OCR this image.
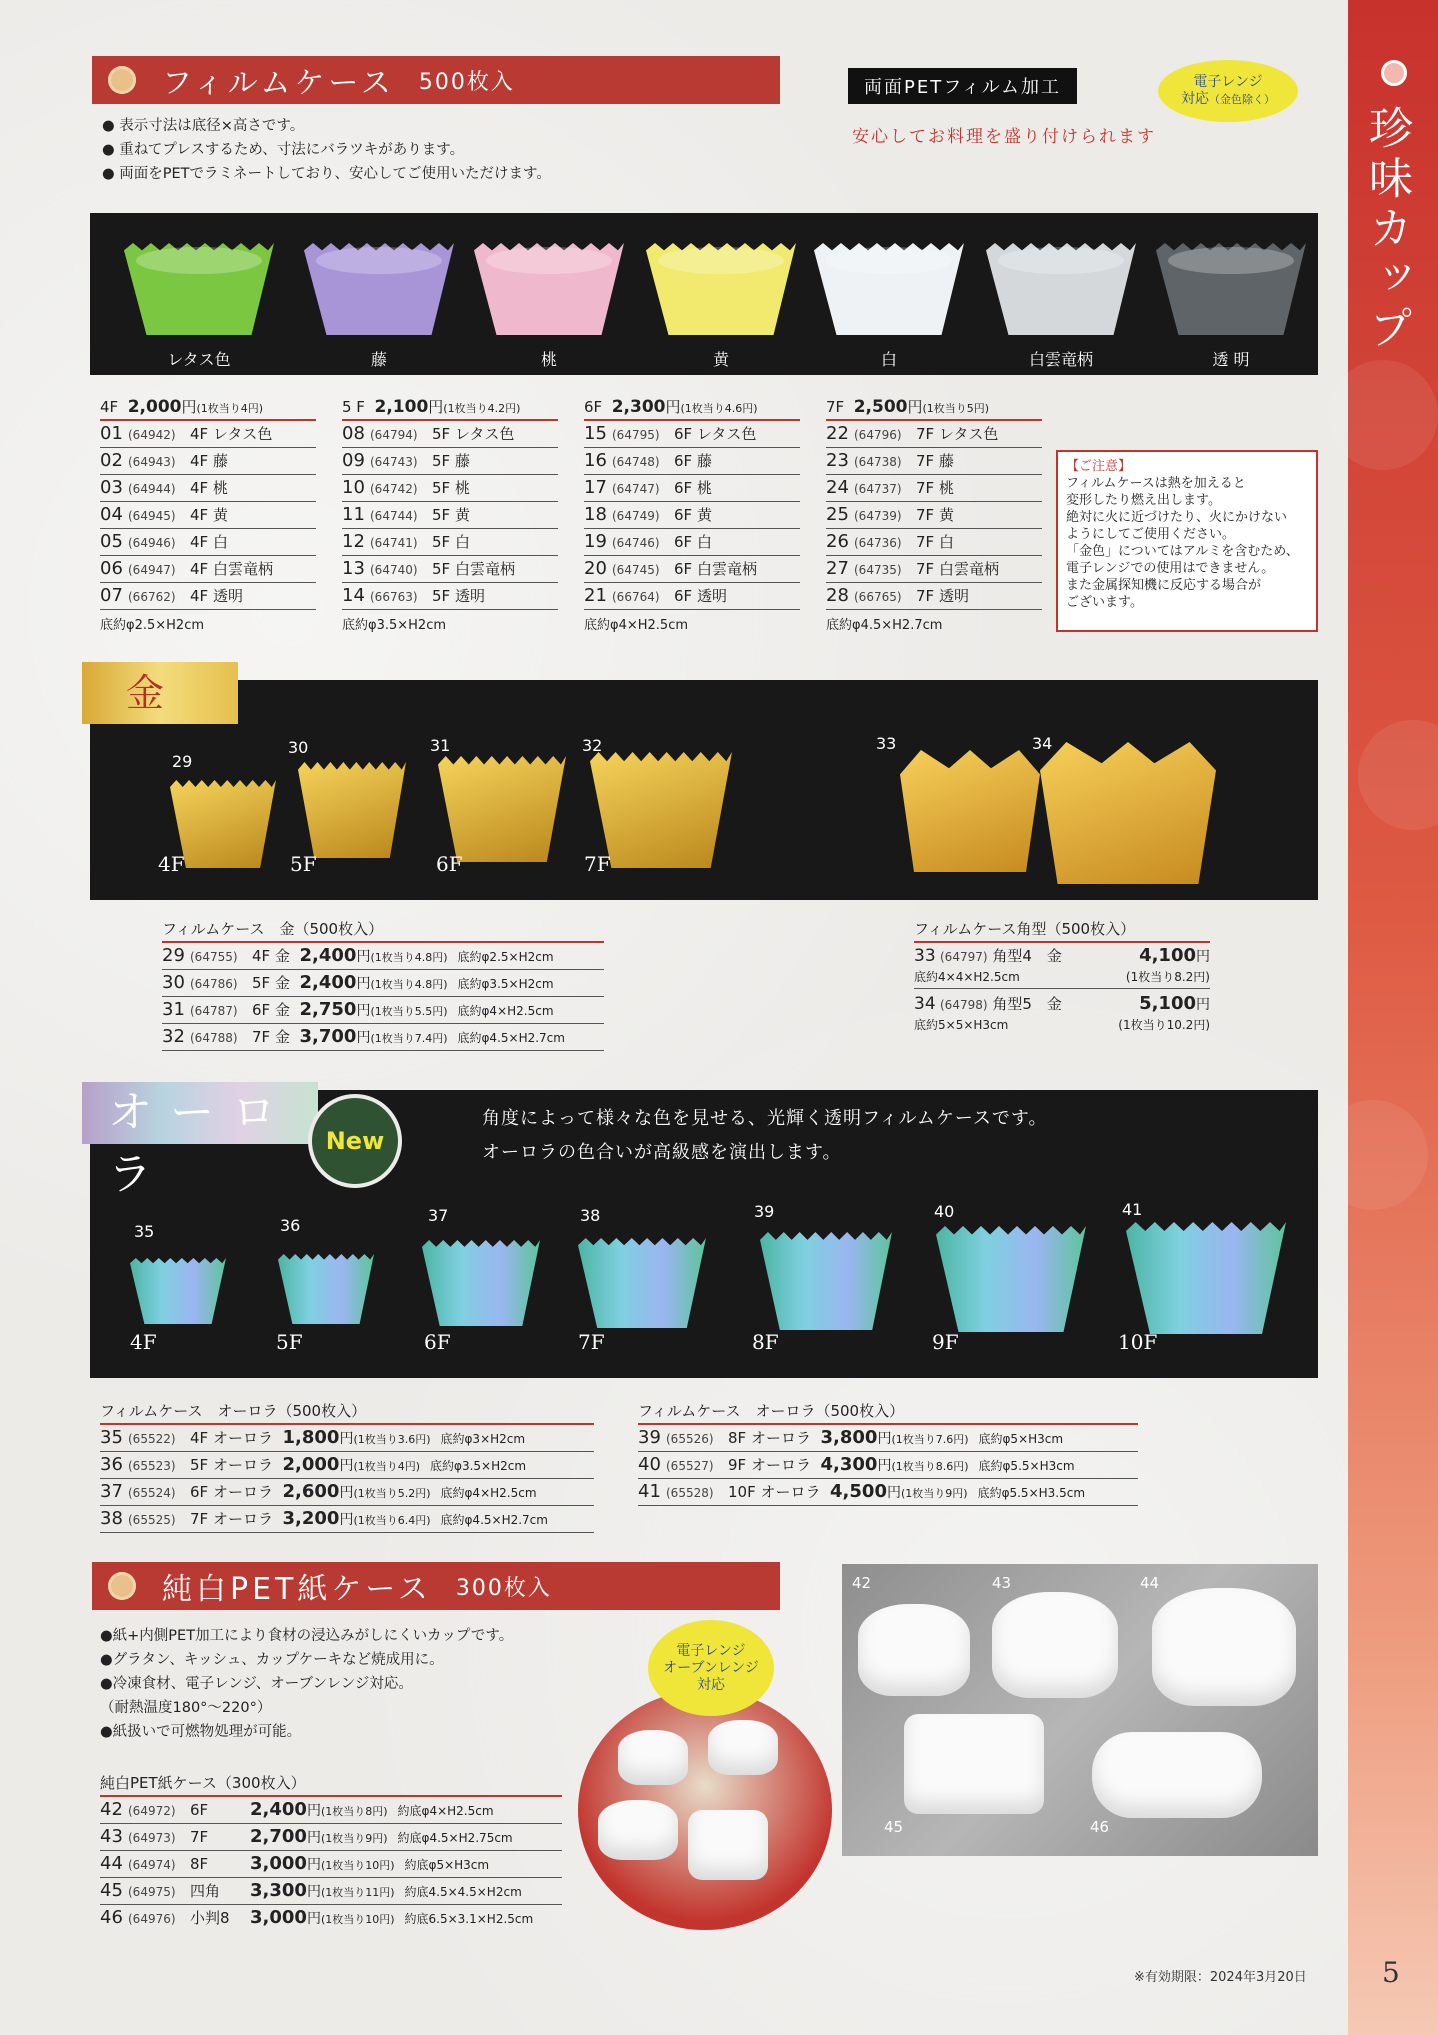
珍味カップ
フィルムケース 500枚入	両面PETフィルム加工
安心してお料理を盛り付けられます
電子レンジ
対応（金色除く）
● 表示寸法は底径×高さです。
● 重ねてプレスするため、寸法にバラツキがあります。
● 両面をPETでラミネートしており、安心してご使用いただけます。
レタス色	藤	桃	黄	白	白雲竜柄	透 明
4F 2,000円(1枚当り4円)
01 (64942) 4F レタス色
02 (64943) 4F 藤
03 (64944) 4F 桃
04 (64945) 4F 黄
05 (64946) 4F 白
06 (64947) 4F 白雲竜柄
07 (66762) 4F 透明
底約φ2.5×H2cm
5 F 2,100円(1枚当り4.2円)
08 (64794) 5F レタス色
09 (64743) 5F 藤
10 (64742) 5F 桃
11 (64744) 5F 黄
12 (64741) 5F 白
13 (64740) 5F 白雲竜柄
14 (66763) 5F 透明
底約φ3.5×H2cm
6F 2,300円(1枚当り4.6円)
15 (64795) 6F レタス色
16 (64748) 6F 藤
17 (64747) 6F 桃
18 (64749) 6F 黄
19 (64746) 6F 白
20 (64745) 6F 白雲竜柄
21 (66764) 6F 透明
底約φ4×H2.5cm
7F 2,500円(1枚当り5円)
22 (64796) 7F レタス色
23 (64738) 7F 藤
24 (64737) 7F 桃
25 (64739) 7F 黄
26 (64736) 7F 白
27 (64735) 7F 白雲竜柄
28 (66765) 7F 透明
底約φ4.5×H2.7cm
【ご注意】
フィルムケースは熱を加えると
変形したり燃え出します。
絶対に火に近づけたり、火にかけない
ようにしてご使用ください。
「金色」についてはアルミを含むため、
電子レンジでの使用はできません。
また金属探知機に反応する場合が
ございます。
29
30	31	32	33	34
4F	5F	6F	7F
金
フィルムケース　金（500枚入）
29 (64755) 4F 金 2,400円(1枚当り4.8円) 底約φ2.5×H2cm
30 (64786) 5F 金 2,400円(1枚当り4.8円) 底約φ3.5×H2cm
31 (64787) 6F 金 2,750円(1枚当り5.5円) 底約φ4×H2.5cm
32 (64788) 7F 金 3,700円(1枚当り7.4円) 底約φ4.5×H2.7cm
フィルムケース角型（500枚入）
33 (64797) 角型4　金	4,100円
底約4×4×H2.5cm	(1枚当り8.2円)
34 (64798) 角型5　金	5,100円
底約5×5×H3cm	(1枚当り10.2円)
角度によって様々な色を見せる、光輝く透明フィルムケースです。
オーロラの色合いが高級感を演出します。
35	36
37	38	39	40	41
4F	5F	6F	7F	8F	9F	10F
オーロラ
New
フィルムケース　オーロラ（500枚入）
35 (65522) 4F オーロラ 1,800円(1枚当り3.6円) 底約φ3×H2cm
36 (65523) 5F オーロラ 2,000円(1枚当り4円) 底約φ3.5×H2cm
37 (65524) 6F オーロラ 2,600円(1枚当り5.2円) 底約φ4×H2.5cm
38 (65525) 7F オーロラ 3,200円(1枚当り6.4円) 底約φ4.5×H2.7cm
フィルムケース　オーロラ（500枚入）
39 (65526) 8F オーロラ 3,800円(1枚当り7.6円) 底約φ5×H3cm
40 (65527) 9F オーロラ 4,300円(1枚当り8.6円) 底約φ5.5×H3cm
41 (65528) 10F オーロラ 4,500円(1枚当り9円) 底約φ5.5×H3.5cm
純白PET紙ケース 300枚入

●紙+内側PET加工により食材の浸込みがしにくいカップです。

●グラタン、キッシュ、カップケーキなど焼成用に。

●冷凍食材、電子レンジ、オーブンレンジ対応。

（耐熱温度180°～220°）

●紙扱いで可燃物処理が可能。

電子レンジ
オーブンレンジ
対応
42	43	44
45	46
純白PET紙ケース（300枚入）
42 (64972) 6F 2,400円(1枚当り8円) 約底φ4×H2.5cm
43 (64973) 7F 2,700円(1枚当り9円) 約底φ4.5×H2.75cm
44 (64974) 8F 3,000円(1枚当り10円) 約底φ5×H3cm
45 (64975) 四角 3,300円(1枚当り11円) 約底4.5×4.5×H2cm
46 (64976) 小判8 3,000円(1枚当り10円) 約底6.5×3.1×H2.5cm
※有効期限：2024年3月20日	5
